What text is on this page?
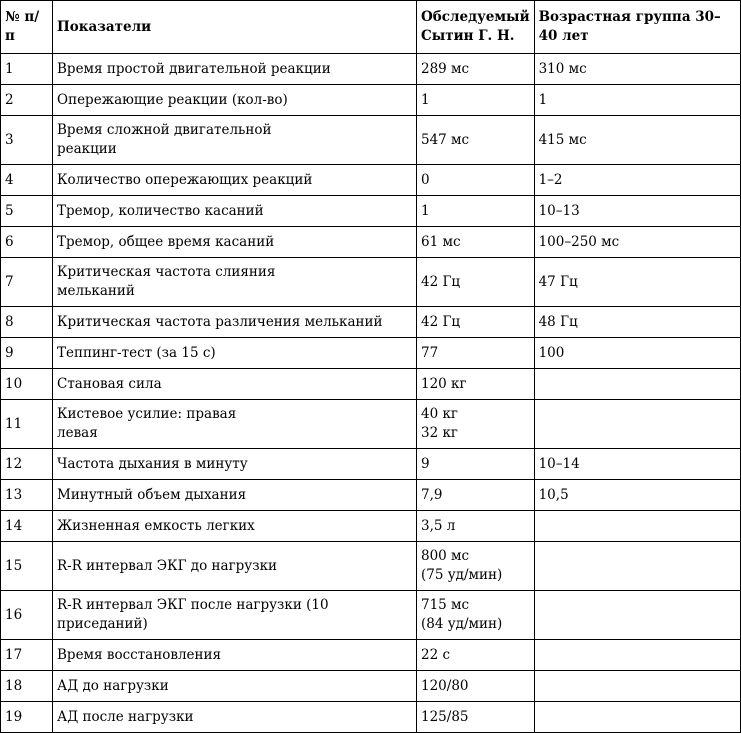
№ п/п	Показатели	Обследуемый
Сытин Г. Н.	Возрастная группа 30–40 лет
1	Время простой двигательной реакции	289 мс	310 мс
2	Опережающие реакции (кол-во)	1	1
3	Время сложной двигательной
реакции	547 мс	415 мс
4	Количество опережающих реакций	0	1–2
5	Тремор, количество касаний	1	10–13
6	Тремор, общее время касаний	61 мс	100–250 мс
7	Критическая частота слияния
мельканий	42 Гц	47 Гц
8	Критическая частота различения мельканий	42 Гц	48 Гц
9	Теппинг-тест (за 15 с)	77	100
10	Становая сила	120 кг	

11	Кистевое усилие: правая
левая	40 кг
32 кг	

12	Частота дыхания в минуту	9	10–14
13	Минутный объем дыхания	7,9	10,5
14	Жизненная емкость легких	3,5 л	

15	R-R интервал ЭКГ до нагрузки	800 мс
(75 уд/мин)	

16	R-R интервал ЭКГ после нагрузки (10 приседаний)	715 мс
(84 уд/мин)	

17	Время восстановления	22 с	

18	АД до нагрузки	120/80	

19	АД после нагрузки	125/85	
